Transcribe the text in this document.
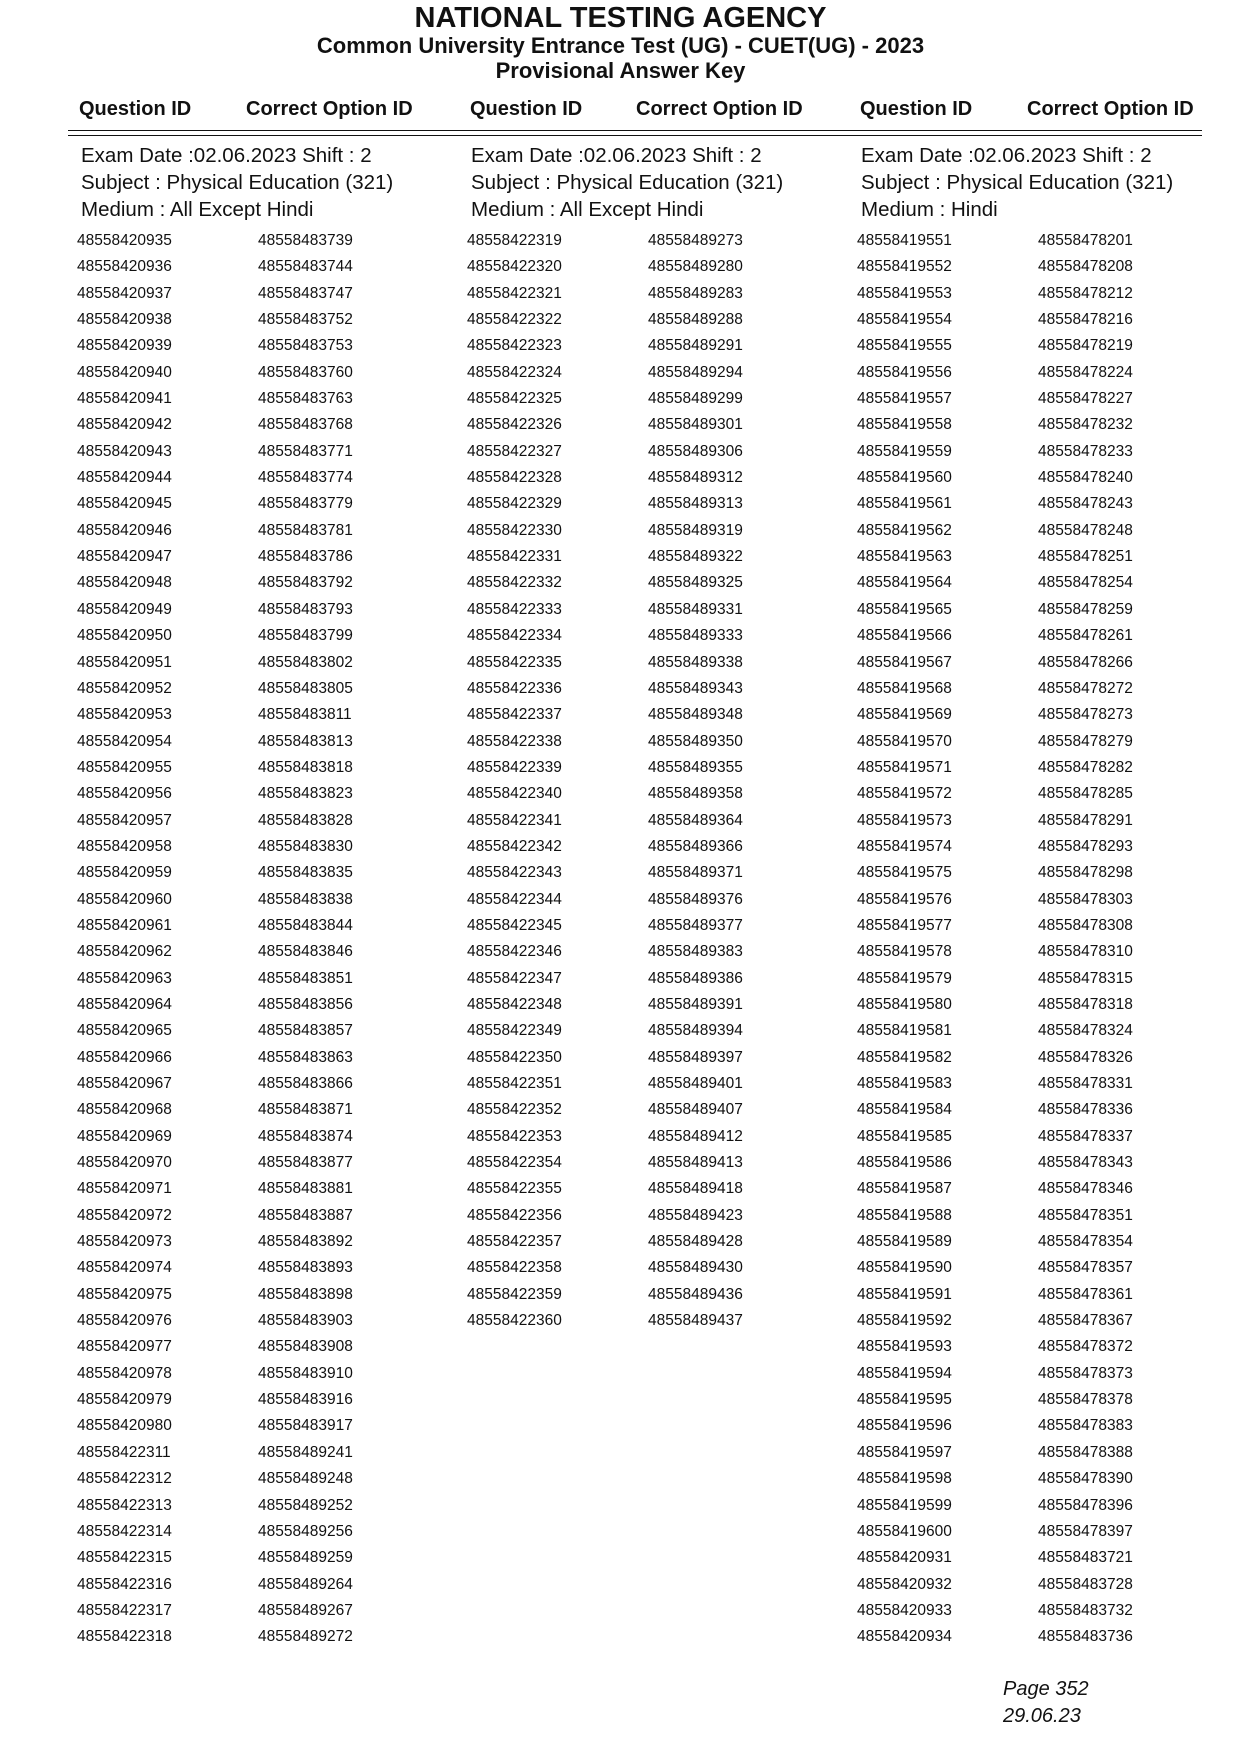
NATIONAL TESTING AGENCY
Common University Entrance Test (UG) - CUET(UG) - 2023
Provisional Answer Key
Question ID	Correct Option ID	Question ID	Correct Option ID	Question ID	Correct Option ID
Exam Date :02.06.2023 Shift : 2
Subject : Physical Education (321)
Medium : All Except Hindi
48558420935	48558483739
48558420936	48558483744
48558420937	48558483747
48558420938	48558483752
48558420939	48558483753
48558420940	48558483760
48558420941	48558483763
48558420942	48558483768
48558420943	48558483771
48558420944	48558483774
48558420945	48558483779
48558420946	48558483781
48558420947	48558483786
48558420948	48558483792
48558420949	48558483793
48558420950	48558483799
48558420951	48558483802
48558420952	48558483805
48558420953	48558483811
48558420954	48558483813
48558420955	48558483818
48558420956	48558483823
48558420957	48558483828
48558420958	48558483830
48558420959	48558483835
48558420960	48558483838
48558420961	48558483844
48558420962	48558483846
48558420963	48558483851
48558420964	48558483856
48558420965	48558483857
48558420966	48558483863
48558420967	48558483866
48558420968	48558483871
48558420969	48558483874
48558420970	48558483877
48558420971	48558483881
48558420972	48558483887
48558420973	48558483892
48558420974	48558483893
48558420975	48558483898
48558420976	48558483903
48558420977	48558483908
48558420978	48558483910
48558420979	48558483916
48558420980	48558483917
48558422311	48558489241
48558422312	48558489248
48558422313	48558489252
48558422314	48558489256
48558422315	48558489259
48558422316	48558489264
48558422317	48558489267
48558422318	48558489272
Exam Date :02.06.2023 Shift : 2
Subject : Physical Education (321)
Medium : All Except Hindi
48558422319	48558489273
48558422320	48558489280
48558422321	48558489283
48558422322	48558489288
48558422323	48558489291
48558422324	48558489294
48558422325	48558489299
48558422326	48558489301
48558422327	48558489306
48558422328	48558489312
48558422329	48558489313
48558422330	48558489319
48558422331	48558489322
48558422332	48558489325
48558422333	48558489331
48558422334	48558489333
48558422335	48558489338
48558422336	48558489343
48558422337	48558489348
48558422338	48558489350
48558422339	48558489355
48558422340	48558489358
48558422341	48558489364
48558422342	48558489366
48558422343	48558489371
48558422344	48558489376
48558422345	48558489377
48558422346	48558489383
48558422347	48558489386
48558422348	48558489391
48558422349	48558489394
48558422350	48558489397
48558422351	48558489401
48558422352	48558489407
48558422353	48558489412
48558422354	48558489413
48558422355	48558489418
48558422356	48558489423
48558422357	48558489428
48558422358	48558489430
48558422359	48558489436
48558422360	48558489437
Exam Date :02.06.2023 Shift : 2
Subject : Physical Education (321)
Medium : Hindi
48558419551	48558478201
48558419552	48558478208
48558419553	48558478212
48558419554	48558478216
48558419555	48558478219
48558419556	48558478224
48558419557	48558478227
48558419558	48558478232
48558419559	48558478233
48558419560	48558478240
48558419561	48558478243
48558419562	48558478248
48558419563	48558478251
48558419564	48558478254
48558419565	48558478259
48558419566	48558478261
48558419567	48558478266
48558419568	48558478272
48558419569	48558478273
48558419570	48558478279
48558419571	48558478282
48558419572	48558478285
48558419573	48558478291
48558419574	48558478293
48558419575	48558478298
48558419576	48558478303
48558419577	48558478308
48558419578	48558478310
48558419579	48558478315
48558419580	48558478318
48558419581	48558478324
48558419582	48558478326
48558419583	48558478331
48558419584	48558478336
48558419585	48558478337
48558419586	48558478343
48558419587	48558478346
48558419588	48558478351
48558419589	48558478354
48558419590	48558478357
48558419591	48558478361
48558419592	48558478367
48558419593	48558478372
48558419594	48558478373
48558419595	48558478378
48558419596	48558478383
48558419597	48558478388
48558419598	48558478390
48558419599	48558478396
48558419600	48558478397
48558420931	48558483721
48558420932	48558483728
48558420933	48558483732
48558420934	48558483736
Page 352
29.06.23
